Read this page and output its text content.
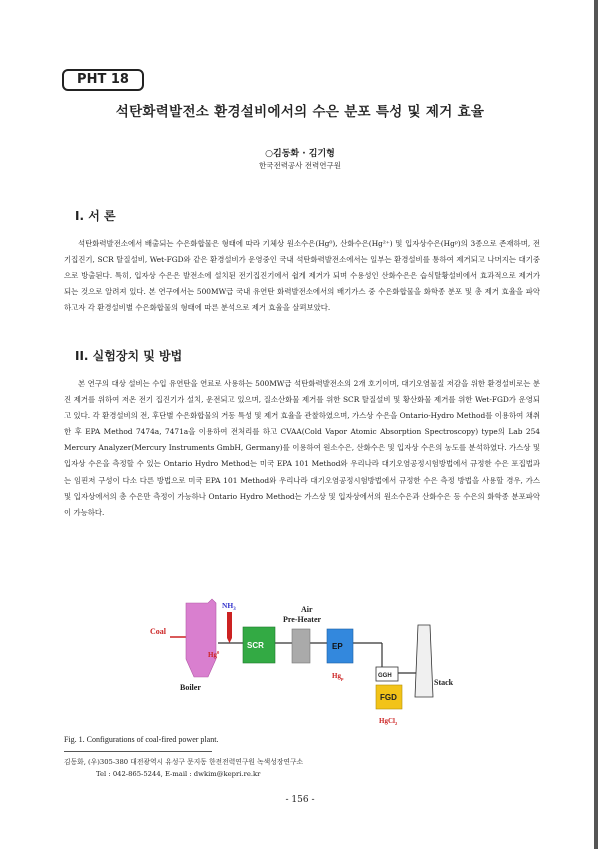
PHT 18
석탄화력발전소 환경설비에서의 수은 분포 특성 및 제거 효율
○김동화 · 김기형
한국전력공사 전력연구원
I. 서 론
석탄화력발전소에서 배출되는 수은화합물은 형태에 따라 기체상 원소수은(Hg⁰), 산화수은(Hg²⁺) 및 입자상수은(Hgᵖ)의 3종으로 존재하며, 전기집진기, SCR 탈질설비, Wet-FGD와 같은 환경설비가 운영중인 국내 석탄화력발전소에서는 일부는 환경설비를 통하여 제거되고 나머지는 대기중으로 방출된다. 특히, 입자상 수은은 발전소에 설치된 전기집진기에서 쉽게 제거가 되며 수용성인 산화수은은 습식탈황설비에서 효과적으로 제거가 되는 것으로 알려져 있다. 본 연구에서는 500MW급 국내 유연탄 화력발전소에서의 배기가스 중 수은화합물을 화학종 분포 및 총 제거 효율을 파악하고자 각 환경설비별 수은화합물의 형태에 따른 분석으로 제거 효율을 살펴보았다.
II. 실험장치 및 방법
본 연구의 대상 설비는 수입 유연탄을 연료로 사용하는 500MW급 석탄화력발전소의 2개 호기이며, 대기오염물질 저감을 위한 환경설비로는 분진 제거를 위하여 저온 전기 집진기가 설치, 운전되고 있으며, 질소산화물 제거를 위한 SCR 탈질설비 및 황산화물 제거를 위한 Wet-FGD가 운영되고 있다. 각 환경설비의 전, 후단별 수은화합물의 거동 특성 및 제거 효율을 관찰하였으며, 가스상 수은을 Ontario-Hydro Method를 이용하여 채취한 후 EPA Method 7474a, 7471a을 이용하여 전처리를 하고 CVAA(Cold Vapor Atomic Absorption Spectroscopy) type의 Lab 254 Mercury Analyzer(Mercury Instruments GmbH, Germany)를 이용하여 원소수은, 산화수은 및 입자상 수은의 농도를 분석하였다. 가스상 및 입자상 수은을 측정할 수 있는 Ontario Hydro Method는 미국 EPA 101 Method와 우리나라 대기오염공정시험방법에서 규정한 수은 포집법과는 임핀저 구성이 다소 다른 방법으로 미국 EPA 101 Method와 우리나라 대기오염공정시험방법에서 규정한 수은 측정 방법을 사용할 경우, 가스 및 입자상에서의 총 수은만 측정이 가능하나 Ontario Hydro Method는 가스상 및 입자상에서의 원소수은과 산화수은 등 수은의 화학종 분포파악이 가능하다.
Coal
Boiler
$NH_3$
Hg$^0$
SCR
Air
Pre-Heater
EP
$Hg_p$	GGH
FGD
HgCl$_2$
Stack
Fig. 1. Configurations of coal-fired power plant.
김동화, (우)305-380 대전광역시 유성구 문지동 한전전력연구원 녹색성장연구소
Tel : 042-865-5244, E-mail : dwkim@kepri.re.kr
- 156 -
